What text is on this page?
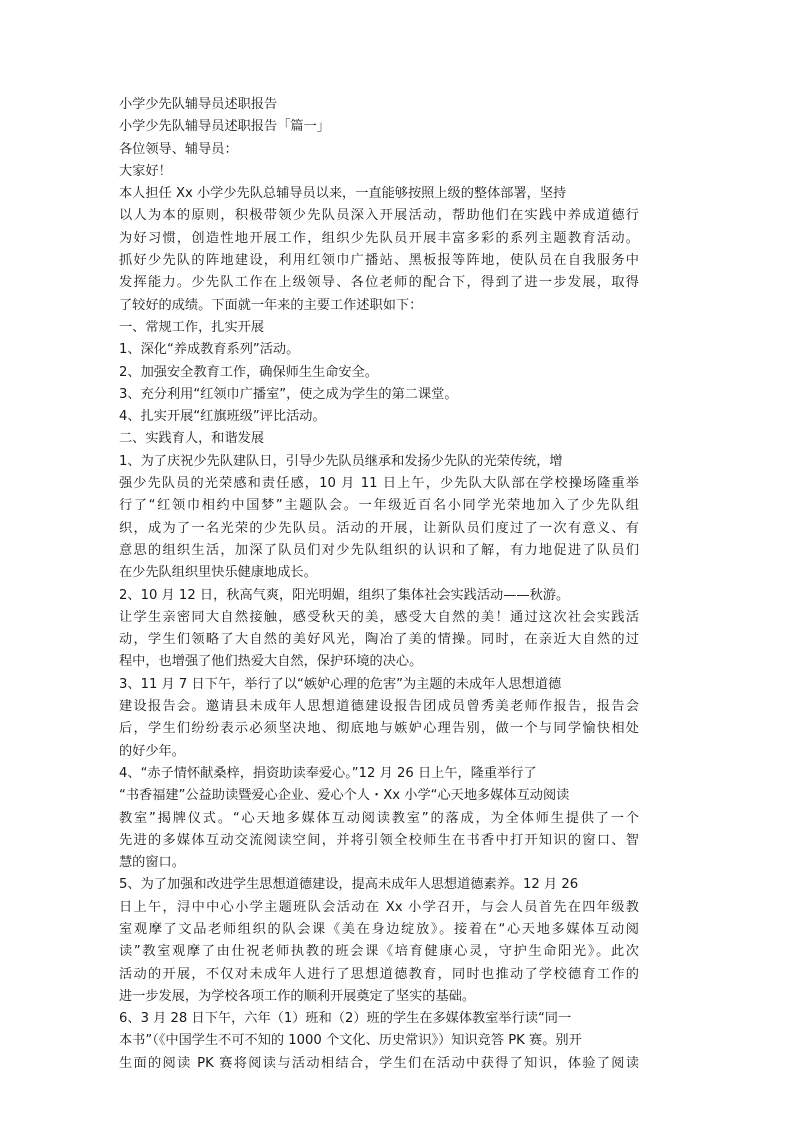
小学少先队辅导员述职报告
小学少先队辅导员述职报告「篇一」
各位领导、辅导员：
大家好！
本人担任 Xx 小学少先队总辅导员以来，一直能够按照上级的整体部署，坚持
以人为本的原则，积极带领少先队员深入开展活动，帮助他们在实践中养成道德行
为好习惯，创造性地开展工作，组织少先队员开展丰富多彩的系列主题教育活动。
抓好少先队的阵地建设，利用红领巾广播站、黑板报等阵地，使队员在自我服务中
发挥能力。少先队工作在上级领导、各位老师的配合下，得到了进一步发展，取得
了较好的成绩。下面就一年来的主要工作述职如下：
一、常规工作，扎实开展
1、深化“养成教育系列”活动。
2、加强安全教育工作，确保师生生命安全。
3、充分利用“红领巾广播室”，使之成为学生的第二课堂。
4、扎实开展“红旗班级”评比活动。
二、实践育人，和谐发展
1、为了庆祝少先队建队日，引导少先队员继承和发扬少先队的光荣传统，增
强少先队员的光荣感和责任感，10 月 11 日上午，少先队大队部在学校操场隆重举
行了“红领巾相约中国梦”主题队会。一年级近百名小同学光荣地加入了少先队组
织，成为了一名光荣的少先队员。活动的开展，让新队员们度过了一次有意义、有
意思的组织生活，加深了队员们对少先队组织的认识和了解，有力地促进了队员们
在少先队组织里快乐健康地成长。
2、10 月 12 日，秋高气爽，阳光明媚，组织了集体社会实践活动——秋游。
让学生亲密同大自然接触，感受秋天的美，感受大自然的美！通过这次社会实践活
动，学生们领略了大自然的美好风光，陶冶了美的情操。同时，在亲近大自然的过
程中，也增强了他们热爱大自然，保护环境的决心。
3、11 月 7 日下午，举行了以“嫉妒心理的危害”为主题的未成年人思想道德
建设报告会。邀请县未成年人思想道德建设报告团成员曾秀美老师作报告，报告会
后，学生们纷纷表示必须坚决地、彻底地与嫉妒心理告别，做一个与同学愉快相处
的好少年。
4、“赤子情怀献桑梓，捐资助读奉爱心。”12 月 26 日上午，隆重举行了
“书香福建”公益助读暨爱心企业、爱心个人・Xx 小学“心天地多媒体互动阅读
教室”揭牌仪式。“心天地多媒体互动阅读教室”的落成，为全体师生提供了一个
先进的多媒体互动交流阅读空间，并将引领全校师生在书香中打开知识的窗口、智
慧的窗口。
5、为了加强和改进学生思想道德建设，提高未成年人思想道德素养。12 月 26
日上午，浔中中心小学主题班队会活动在 Xx 小学召开，与会人员首先在四年级教
室观摩了文品老师组织的队会课《美在身边绽放》。接着在“心天地多媒体互动阅
读”教室观摩了由仕祝老师执教的班会课《培育健康心灵，守护生命阳光》。此次
活动的开展，不仅对未成年人进行了思想道德教育，同时也推动了学校德育工作的
进一步发展，为学校各项工作的顺利开展奠定了坚实的基础。
6、3 月 28 日下午，六年（1）班和（2）班的学生在多媒体教室举行读“同一
本书”（《中国学生不可不知的 1000 个文化、历史常识》）知识竞答 PK 赛。别开
生面的阅读 PK 赛将阅读与活动相结合，学生们在活动中获得了知识，体验了阅读
